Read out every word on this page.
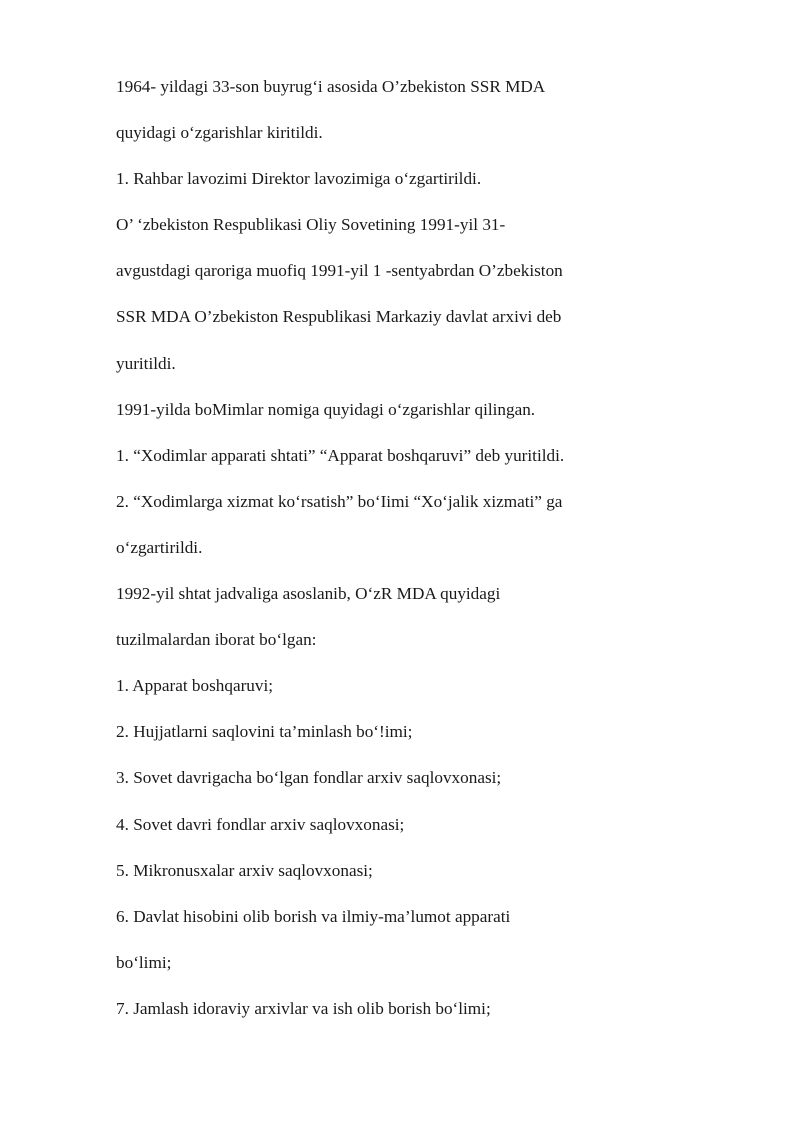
1964- yildagi 33-son buyrug‘i asosida O’zbekiston SSR MDA

quyidagi o‘zgarishlar kiritildi.

1. Rahbar lavozimi Direktor lavozimiga o‘zgartirildi.

O’ ‘zbekiston Respublikasi Oliy Sovetining 1991-yil 31-

avgustdagi qaroriga muofiq 1991-yil 1 -sentyabrdan O’zbekiston

SSR MDA O’zbekiston Respublikasi Markaziy davlat arxivi deb

yuritildi.

1991-yilda boMimlar nomiga quyidagi o‘zgarishlar qilingan.

1. “Xodimlar apparati shtati” “Apparat boshqaruvi” deb yuritildi.

2. “Xodimlarga xizmat ko‘rsatish” bo‘Iimi “Xo‘jalik xizmati” ga

o‘zgartirildi.

1992-yil shtat jadvaliga asoslanib, O‘zR MDA quyidagi

tuzilmalardan iborat bo‘lgan:

1. Apparat boshqaruvi;

2. Hujjatlarni saqlovini ta’minlash bo‘!imi;

3. Sovet davrigacha bo‘lgan fondlar arxiv saqlovxonasi;

4. Sovet davri fondlar arxiv saqlovxonasi;

5. Mikronusxalar arxiv saqlovxonasi;

6. Davlat hisobini olib borish va ilmiy-ma’lumot apparati

bo‘limi;

7. Jamlash idoraviy arxivlar va ish olib borish bo‘limi;
